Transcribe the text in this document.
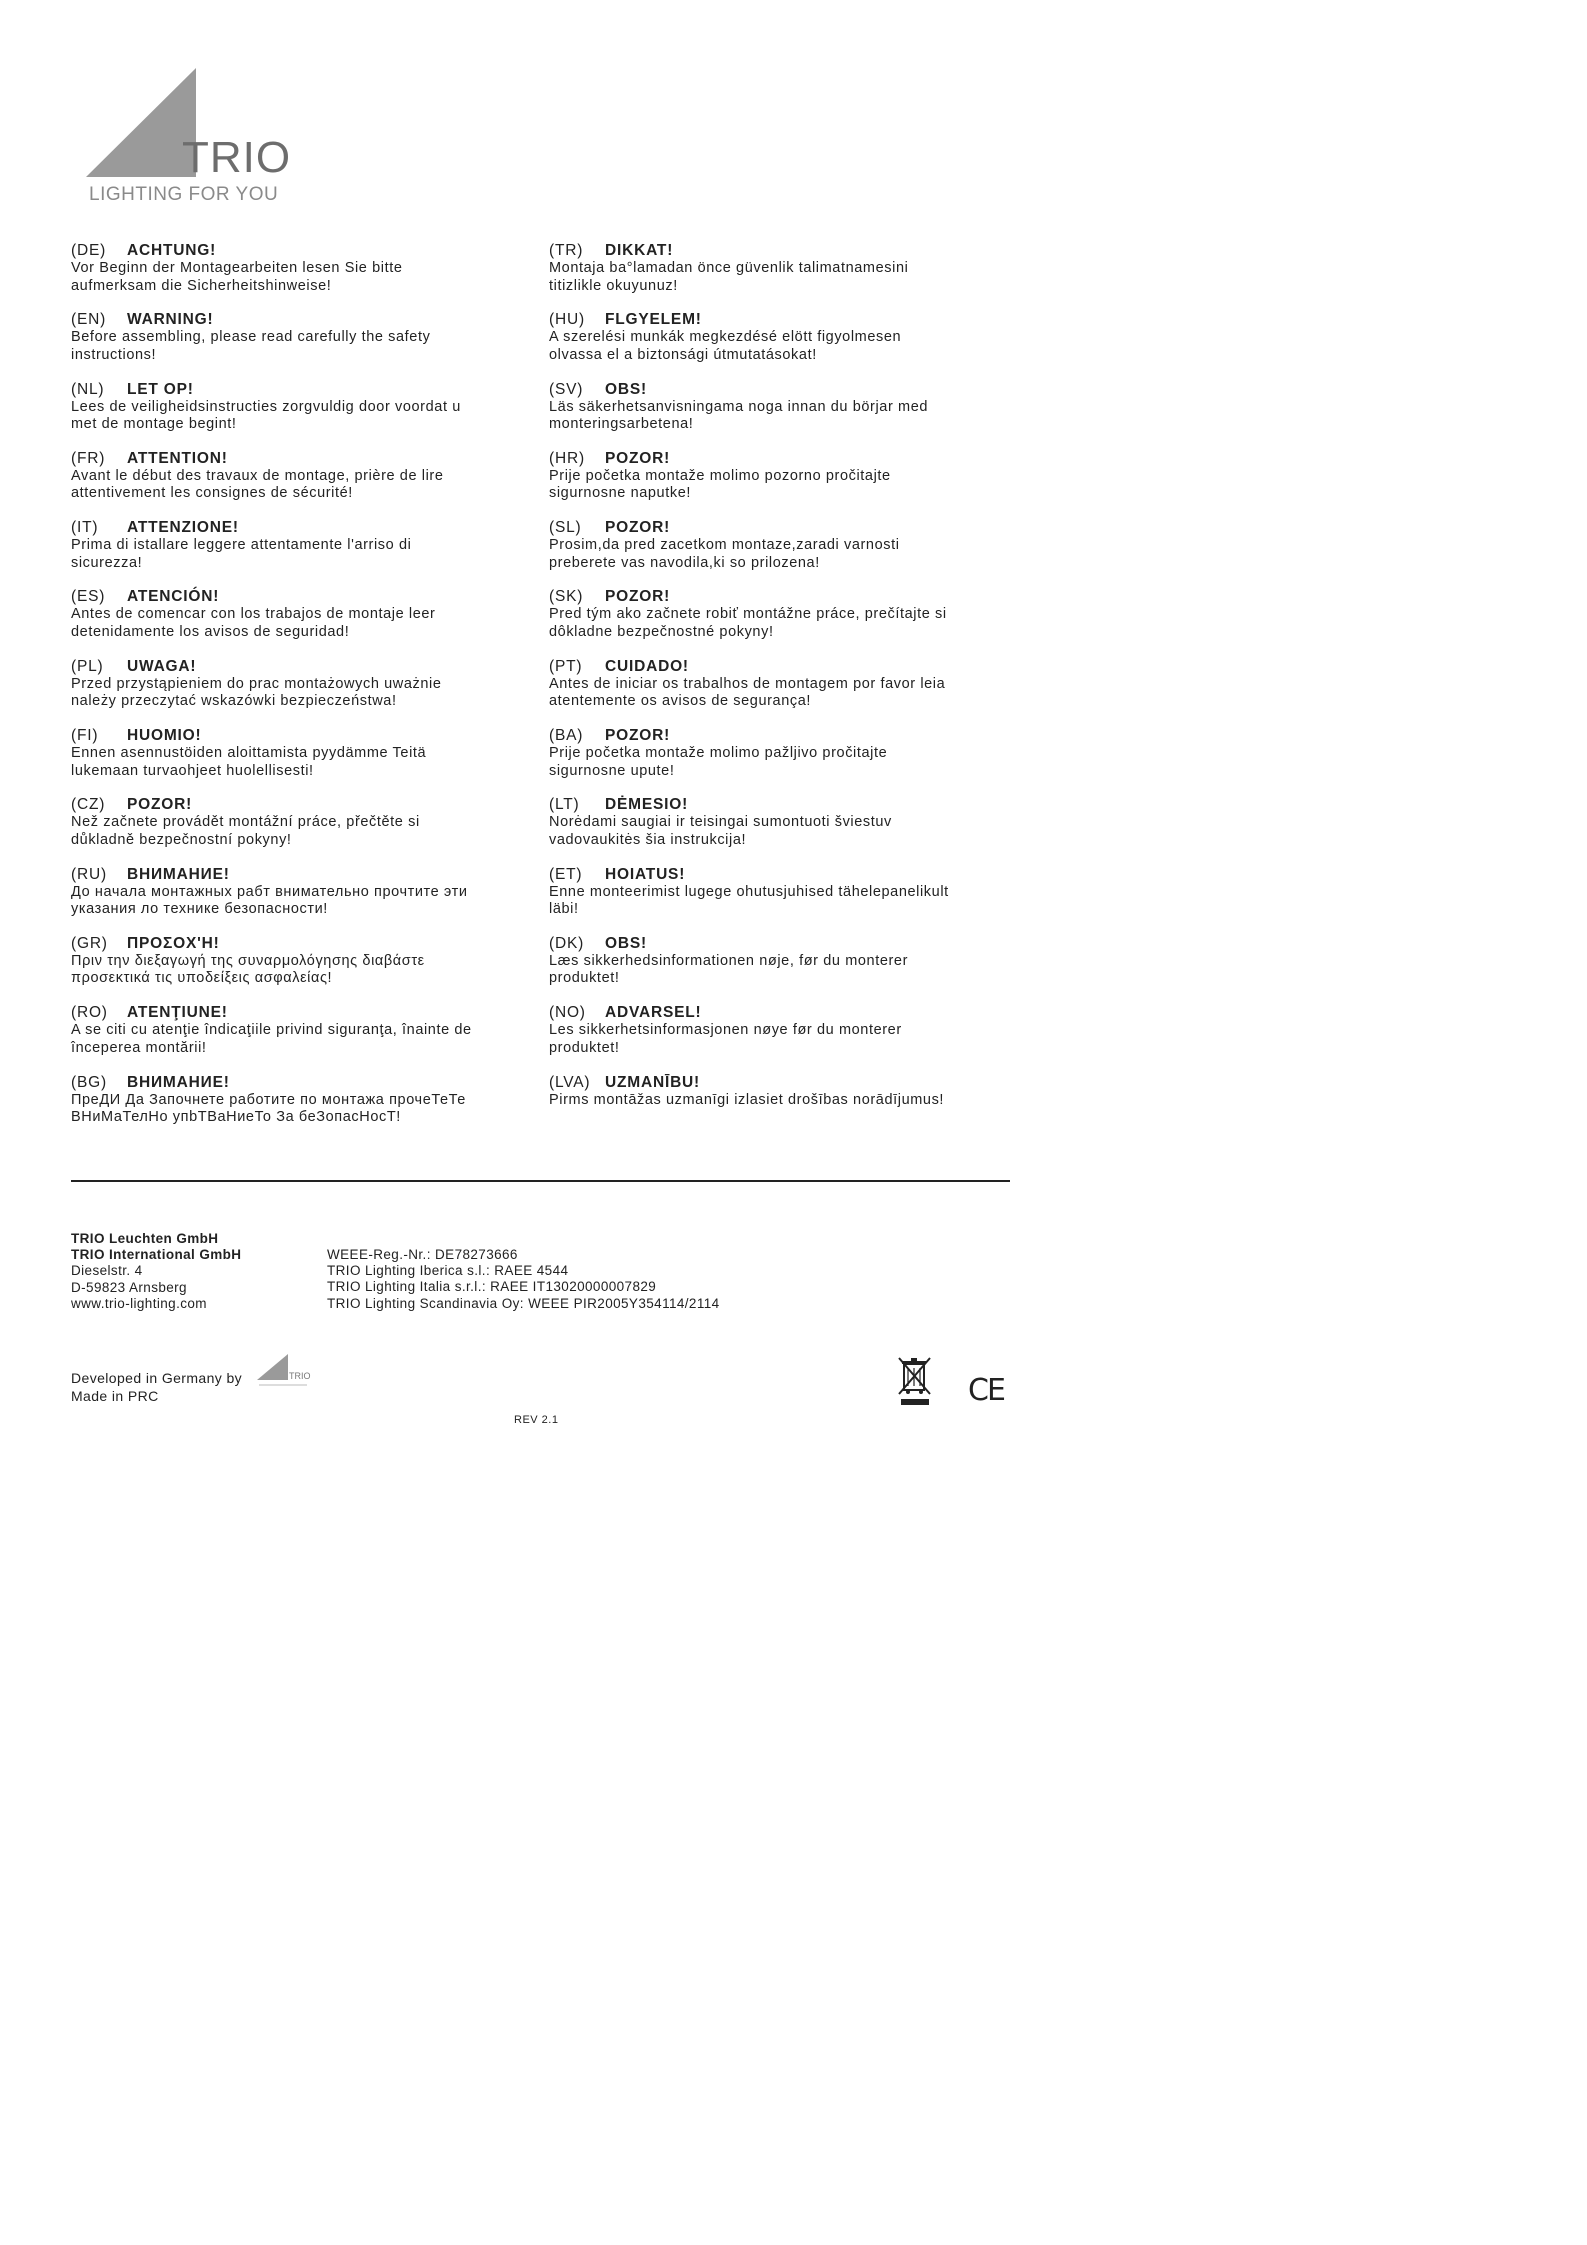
TRIO
LIGHTING FOR YOU
(DE) ACHTUNG!
Vor Beginn der Montagearbeiten lesen Sie bitte
aufmerksam die Sicherheitshinweise!
(EN) WARNING!
Before assembling, please read carefully the safety
instructions!
(NL) LET OP!
Lees de veiligheidsinstructies zorgvuldig door voordat u
met de montage begint!
(FR) ATTENTION!
Avant le début des travaux de montage, prière de lire
attentivement les consignes de sécurité!
(IT) ATTENZIONE!
Prima di istallare leggere attentamente l'arriso di
sicurezza!
(ES) ATENCIÓN!
Antes de comencar con los trabajos de montaje leer
detenidamente los avisos de seguridad!
(PL) UWAGA!
Przed przystąpieniem do prac montażowych uważnie
należy przeczytać wskazówki bezpieczeństwa!
(FI) HUOMIO!
Ennen asennustöiden aloittamista pyydämme Teitä
lukemaan turvaohjeet huolellisesti!
(CZ) POZOR!
Než začnete provádět montážní práce, přečtěte si
důkladně bezpečnostní pokyny!
(RU) ВНИМАНИЕ!
До начала монтажных рабт внимательно прочтите эти
указания ло технике безопасности!
(GR) ΠΡΟΣΟΧ'Η!
Πριν την διεξαγωγή της συναρμολόγησης διαβάστε
προσεκτικά τις υποδείξεις ασφαλείας!
(RO) ATENŢIUNE!
A se citi cu atenţie îndicaţiile privind siguranţa, înainte de
începerea montării!
(BG) ВНИМАНИЕ!
ПреДИ Да Започнете работите по монтажа прочеТеТе
ВНиМаТелНо упbТВаНиеТо За беЗопасНосТ!
(TR) DIKKAT!
Montaja ba°lamadan önce güvenlik talimatnamesini
titizlikle okuyunuz!
(HU) FLGYELEM!
A szerelési munkák megkezdésé elött figyolmesen
olvassa el a biztonsági útmutatásokat!
(SV) OBS!
Läs säkerhetsanvisningama noga innan du börjar med
monteringsarbetena!
(HR) POZOR!
Prije početka montaže molimo pozorno pročitajte
sigurnosne naputke!
(SL) POZOR!
Prosim,da pred zacetkom montaze,zaradi varnosti
preberete vas navodila,ki so prilozena!
(SK) POZOR!
Pred tým ako začnete robiť montážne práce, prečítajte si
dôkladne bezpečnostné pokyny!
(PT) CUIDADO!
Antes de iniciar os trabalhos de montagem por favor leia
atentemente os avisos de segurança!
(BA) POZOR!
Prije početka montaže molimo pažljivo pročitajte
sigurnosne upute!
(LT) DĖMESIO!
Norėdami saugiai ir teisingai sumontuoti šviestuv
vadovaukitės šia instrukcija!
(ET) HOIATUS!
Enne monteerimist lugege ohutusjuhised tähelepanelikult
läbi!
(DK) OBS!
Læs sikkerhedsinformationen nøje, før du monterer
produktet!
(NO) ADVARSEL!
Les sikkerhetsinformasjonen nøye før du monterer
produktet!
(LVA) UZMANĪBU!
Pirms montāžas uzmanīgi izlasiet drošības norādījumus!
TRIO Leuchten GmbH
TRIO International GmbH
Dieselstr. 4
D-59823 Arnsberg
www.trio-lighting.com
WEEE-Reg.-Nr.: DE78273666
TRIO Lighting Iberica s.l.: RAEE 4544
TRIO Lighting Italia s.r.l.: RAEE IT13020000007829
TRIO Lighting Scandinavia Oy: WEEE PIR2005Y354114/2114
Developed in Germany by
Made in PRC
TRIO
REV 2.1
CE
